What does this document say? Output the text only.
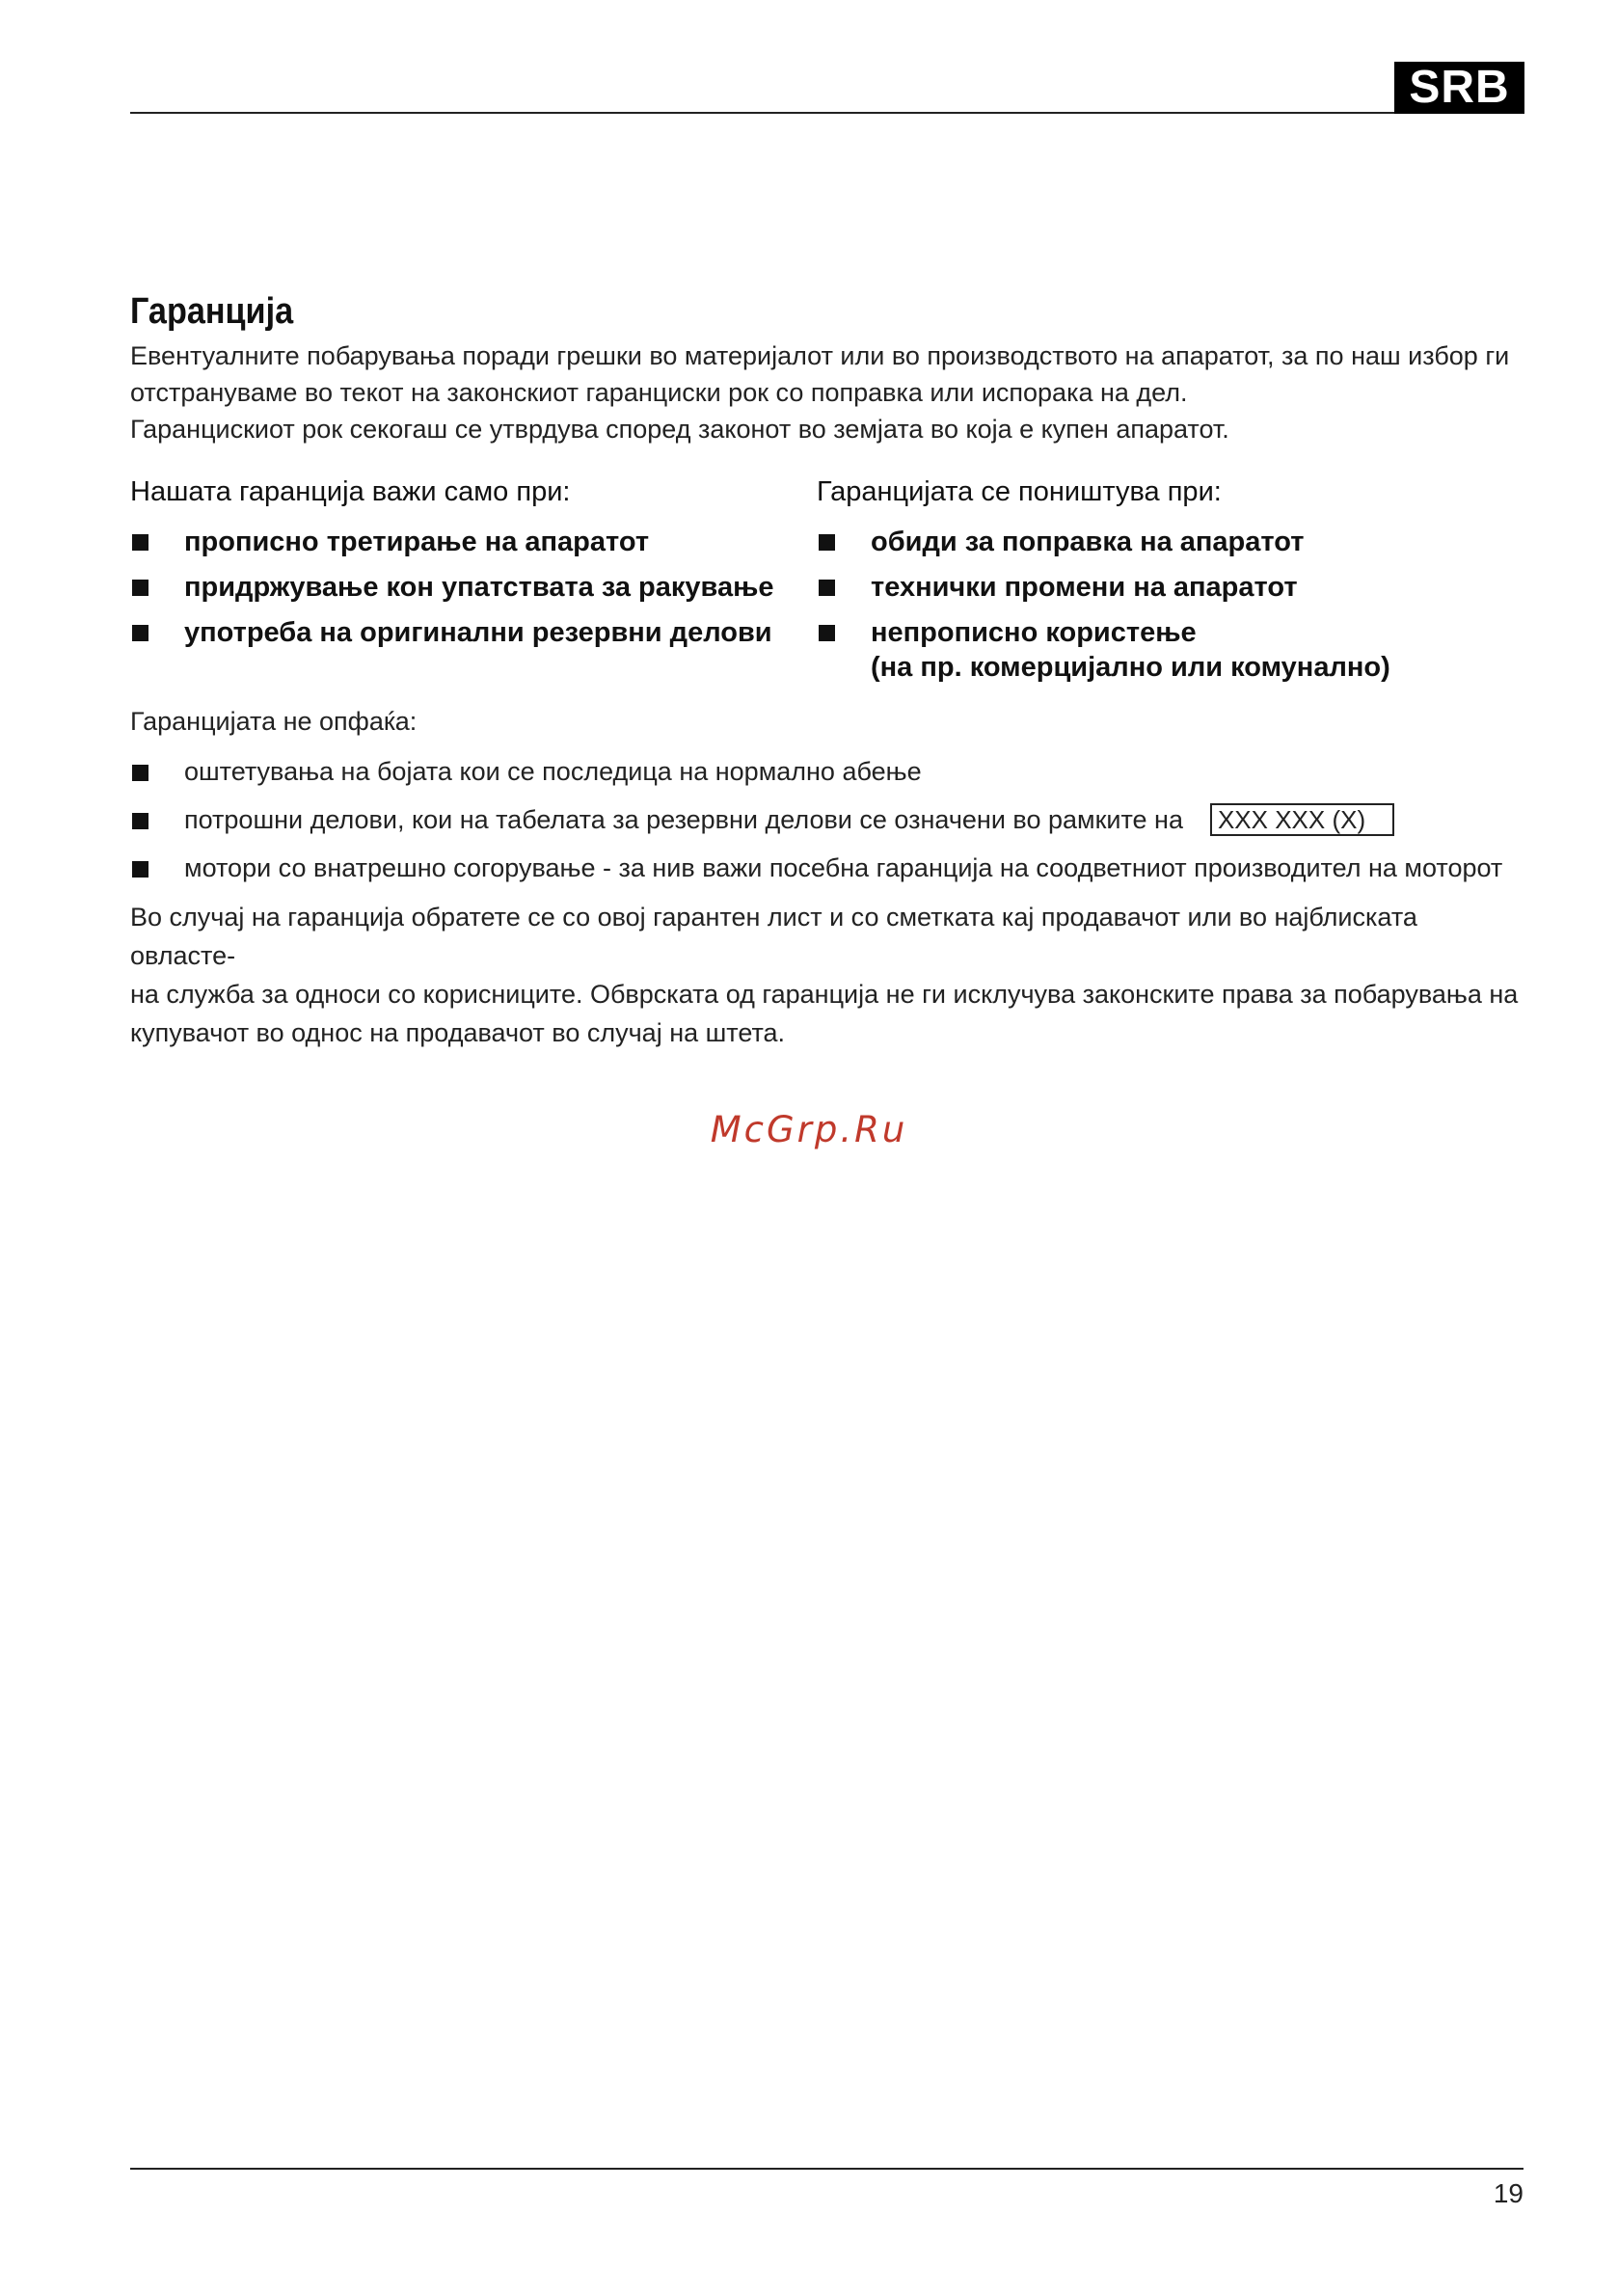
SRB
Гаранција

Евентуалните побарувања поради грешки во материјалот или во производството на апаратот, за по наш избор ги

отстрануваме во текот на законскиот гаранциски рок со поправка или испорака на дел.

Гаранцискиот рок секогаш се утврдува според законот во земјата во која е купен апаратот.

Нашата гаранција важи само при:
прописно третирање на апаратот
придржување кон упатствата за ракување
употреба на оригинални резервни делови
Гаранцијата се поништува при:
обиди за поправка на апаратот
технички промени на апаратот
непрописно користење
(на пр. комерцијално или комунално)
Гаранцијата не опфаќа:
оштетувања на бојата кои се последица на нормално абење
потрошни делови, кои на табелата за резервни делови се означени во рамките на XXX XXX (X)
мотори со внатрешно согорување - за нив важи посебна гаранција на соодветниот производител на моторот

Во случај на гаранција обратете се со овој гарантен лист и со сметката кај продавачот или во најблиската овласте-

на служба за односи со корисниците. Обврската од гаранција не ги исклучува законските права за побарувања на

купувачот во однос на продавачот во случај на штета.

McGrp.Ru
19
